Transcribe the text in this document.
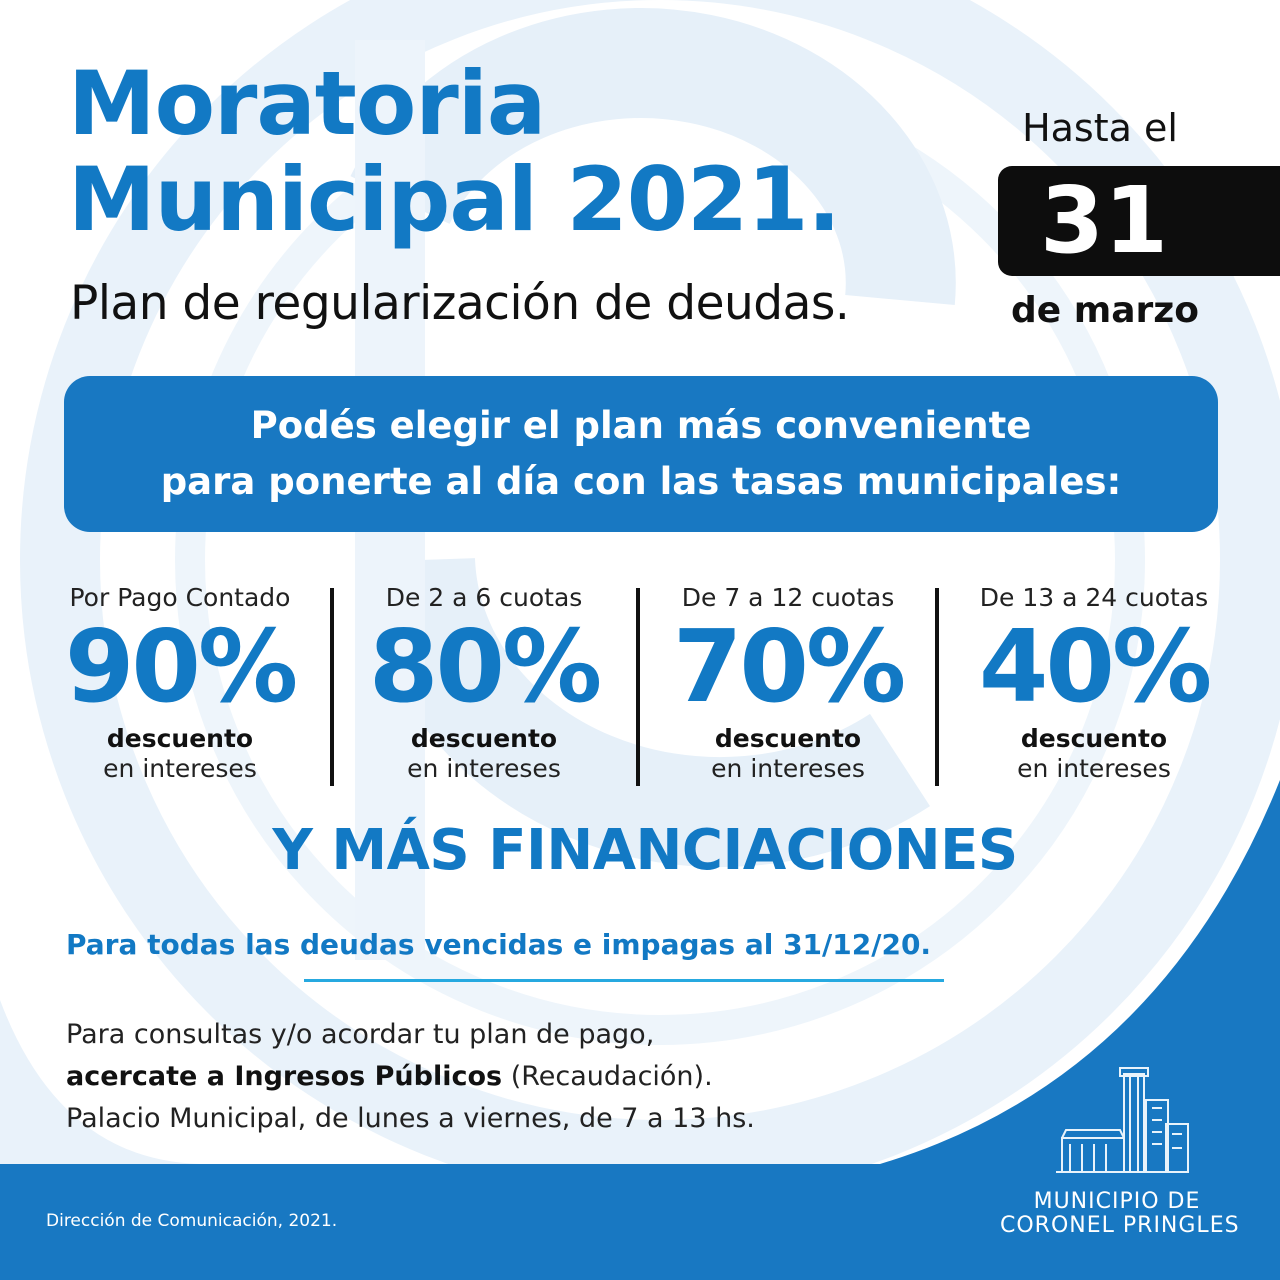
Moratoria
Municipal 2021.
Plan de regularización de deudas.
Hasta el
31
de marzo
Podés elegir el plan más conveniente
para ponerte al día con las tasas municipales:
Por Pago Contado
90%
descuento
en intereses
De 2 a 6 cuotas
80%
descuento
en intereses
De 7 a 12 cuotas
70%
descuento
en intereses
De 13 a 24 cuotas
40%
descuento
en intereses
Y MÁS FINANCIACIONES
Para todas las deudas vencidas e impagas al 31/12/20.
Para consultas y/o acordar tu plan de pago,
acercate a Ingresos Públicos (Recaudación).
Palacio Municipal, de lunes a viernes, de 7 a 13 hs.
Dirección de Comunicación, 2021.
MUNICIPIO DE
CORONEL PRINGLES
